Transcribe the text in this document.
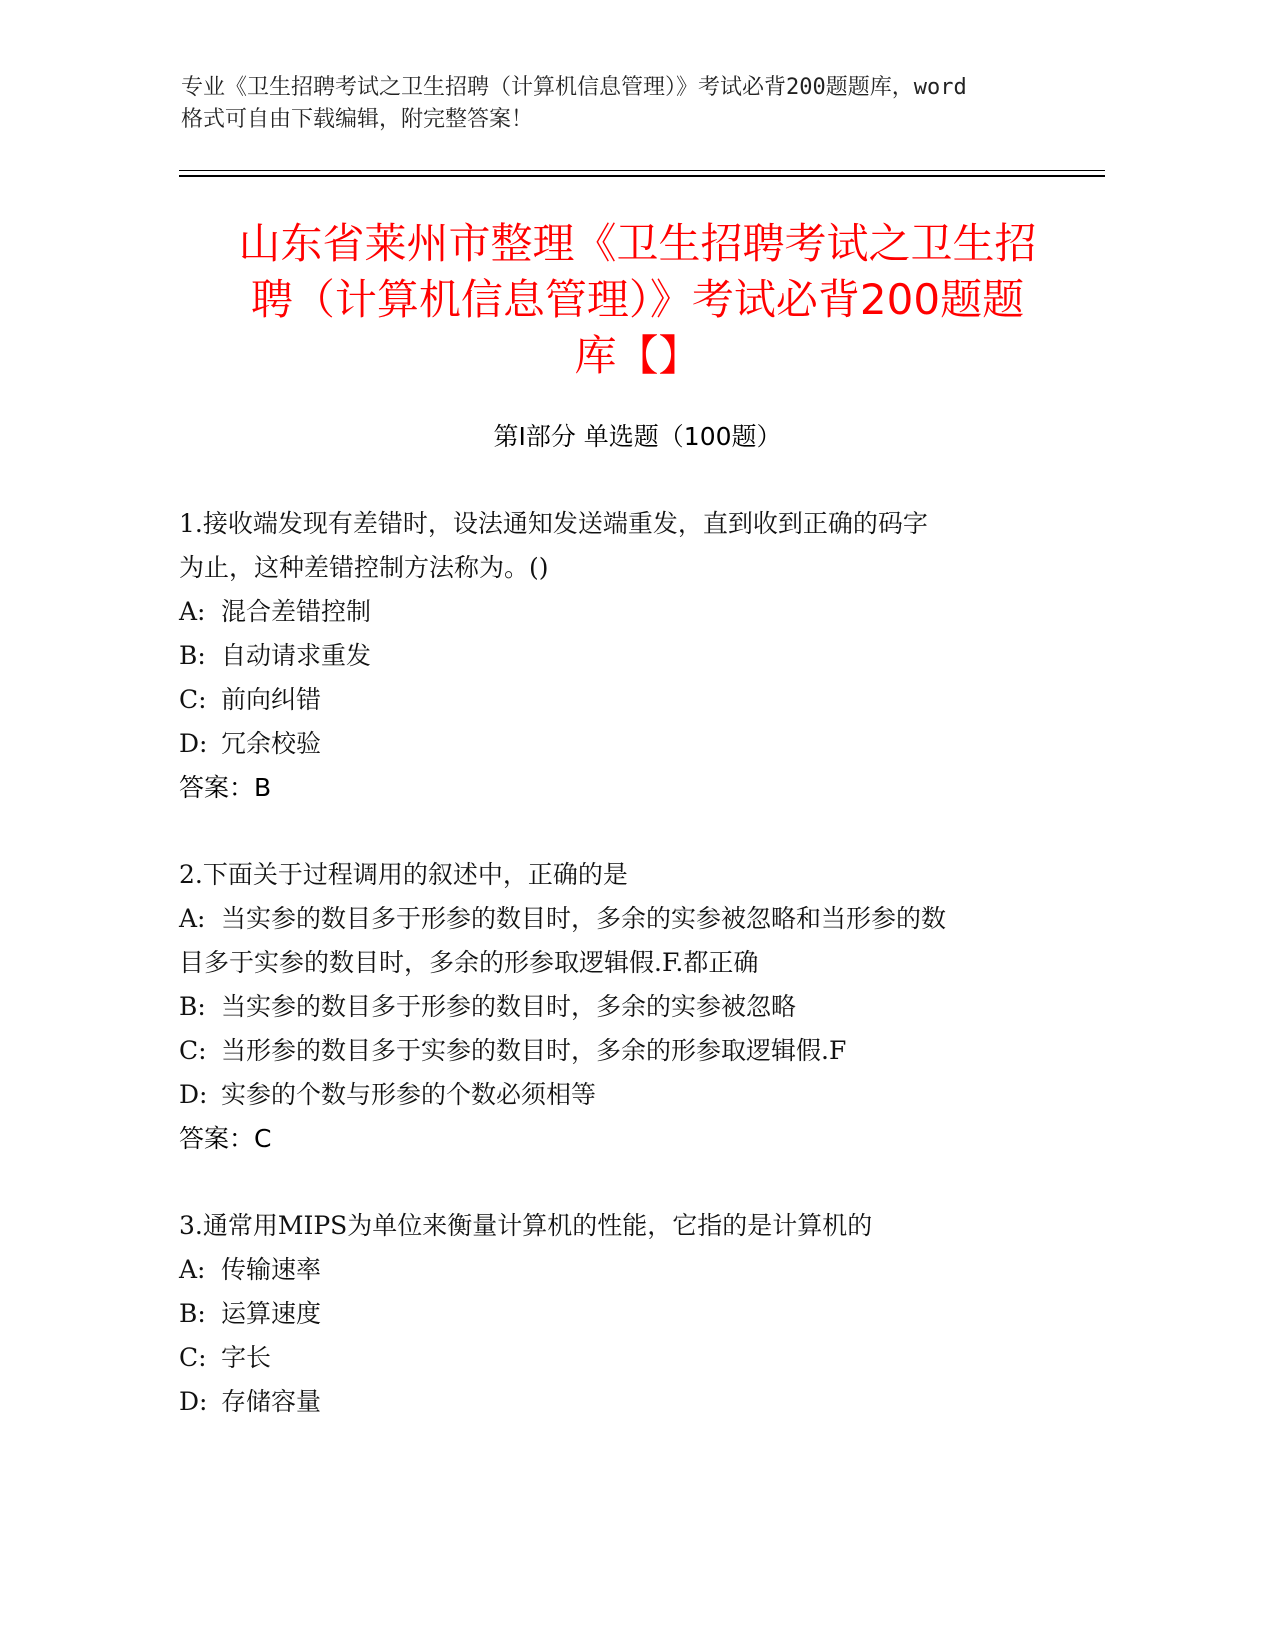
专业《卫生招聘考试之卫生招聘（计算机信息管理）》考试必背200题题库，word
格式可自由下载编辑，附完整答案！
山东省莱州市整理《卫生招聘考试之卫生招
聘（计算机信息管理）》考试必背200题题
库【】
第Ⅰ部分 单选题（100题）
1.接收端发现有差错时，设法通知发送端重发，直到收到正确的码字
为止，这种差错控制方法称为。()
A: 混合差错控制
B: 自动请求重发
C: 前向纠错
D: 冗余校验
答案：B
2.下面关于过程调用的叙述中，正确的是
A: 当实参的数目多于形参的数目时，多余的实参被忽略和当形参的数
目多于实参的数目时，多余的形参取逻辑假.F.都正确
B: 当实参的数目多于形参的数目时，多余的实参被忽略
C: 当形参的数目多于实参的数目时，多余的形参取逻辑假.F
D: 实参的个数与形参的个数必须相等
答案：C
3.通常用MIPS为单位来衡量计算机的性能，它指的是计算机的
A: 传输速率
B: 运算速度
C: 字长
D: 存储容量
